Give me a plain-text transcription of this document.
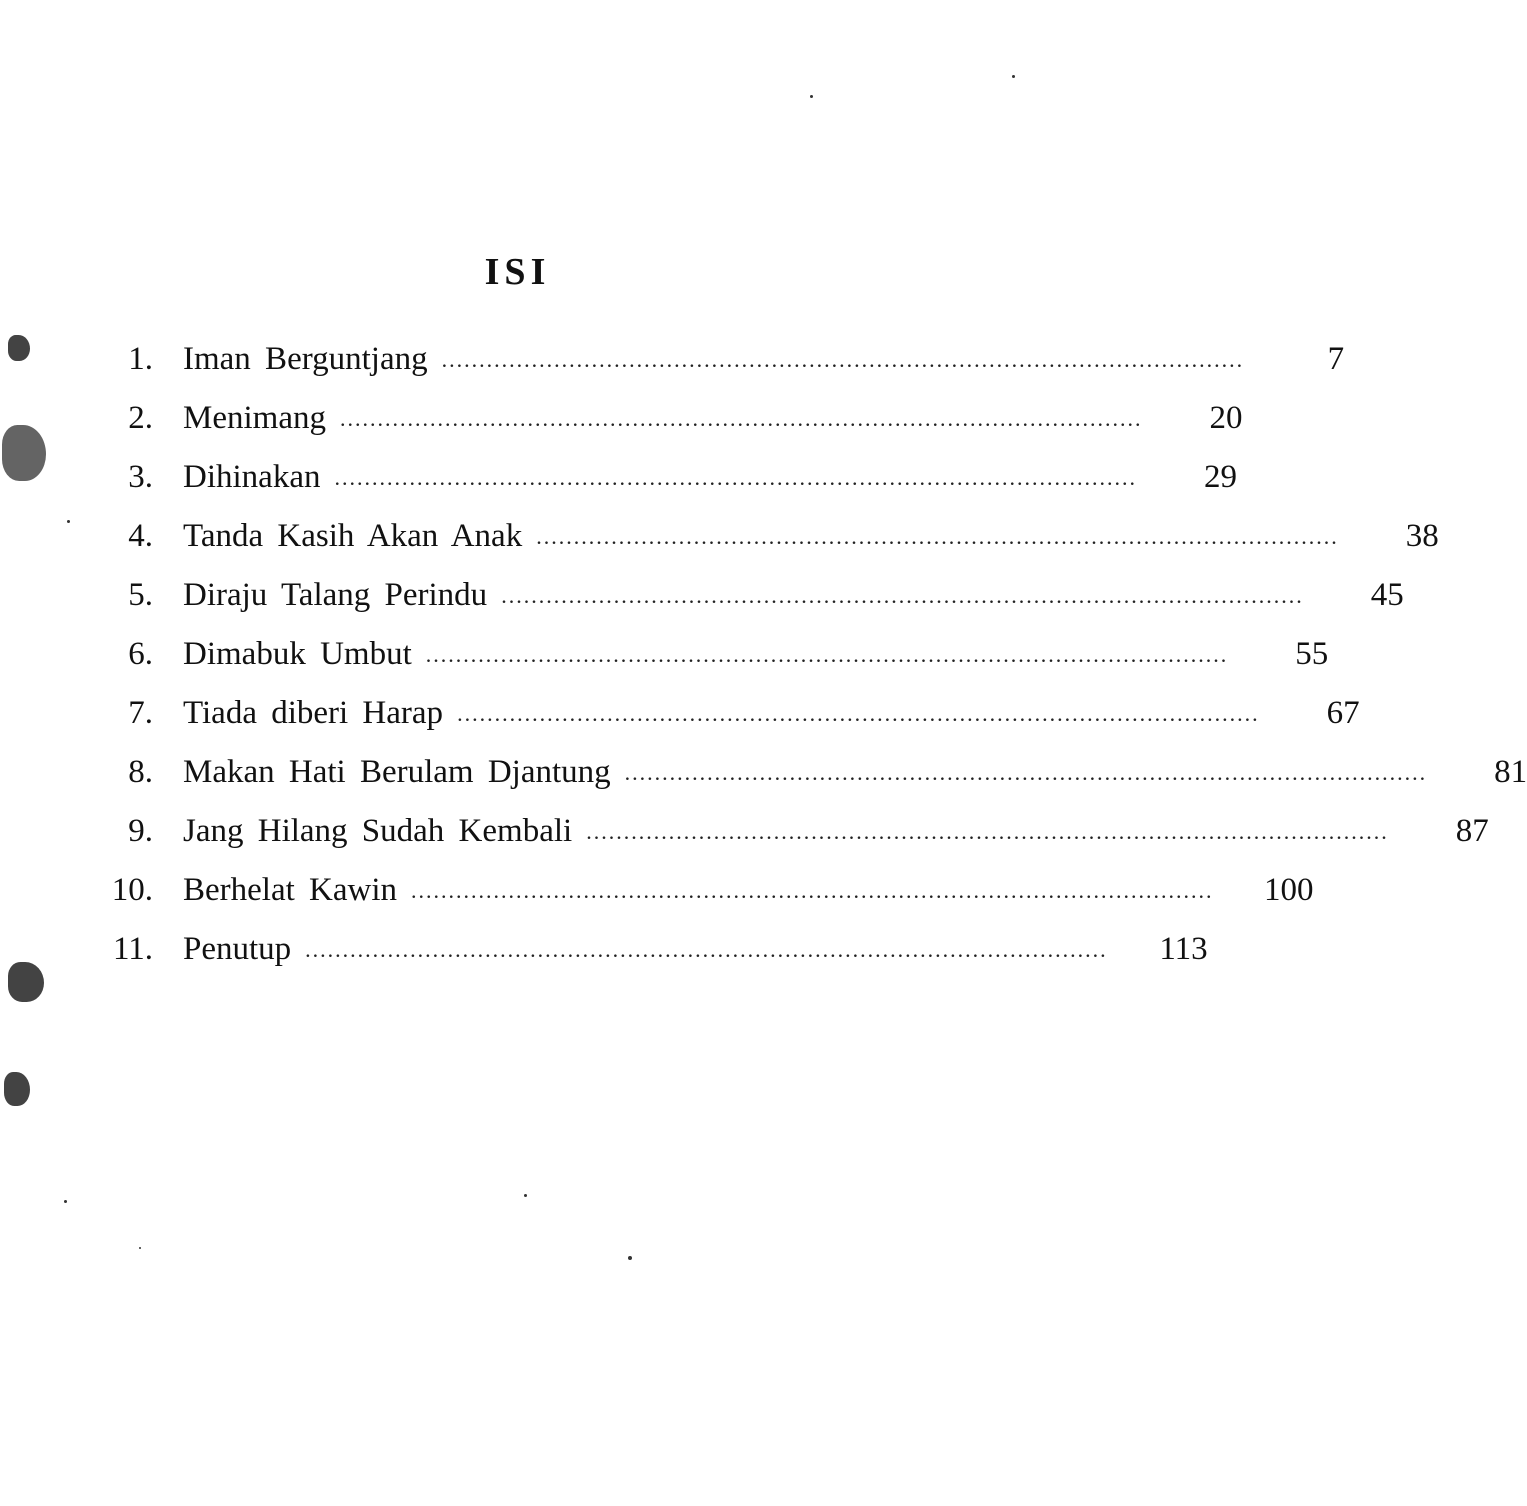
ISI
1. Iman Berguntjang ...........................................................................................................	7
2. Menimang ...........................................................................................................	20
3. Dihinakan ...........................................................................................................	29
4. Tanda Kasih Akan Anak ...........................................................................................................	38
5. Diraju Talang Perindu ...........................................................................................................	45
6. Dimabuk Umbut ...........................................................................................................	55
7. Tiada diberi Harap ...........................................................................................................	67
8. Makan Hati Berulam Djantung ...........................................................................................................	81
9. Jang Hilang Sudah Kembali ...........................................................................................................	87
10. Berhelat Kawin ...........................................................................................................	100
11. Penutup ...........................................................................................................	113
